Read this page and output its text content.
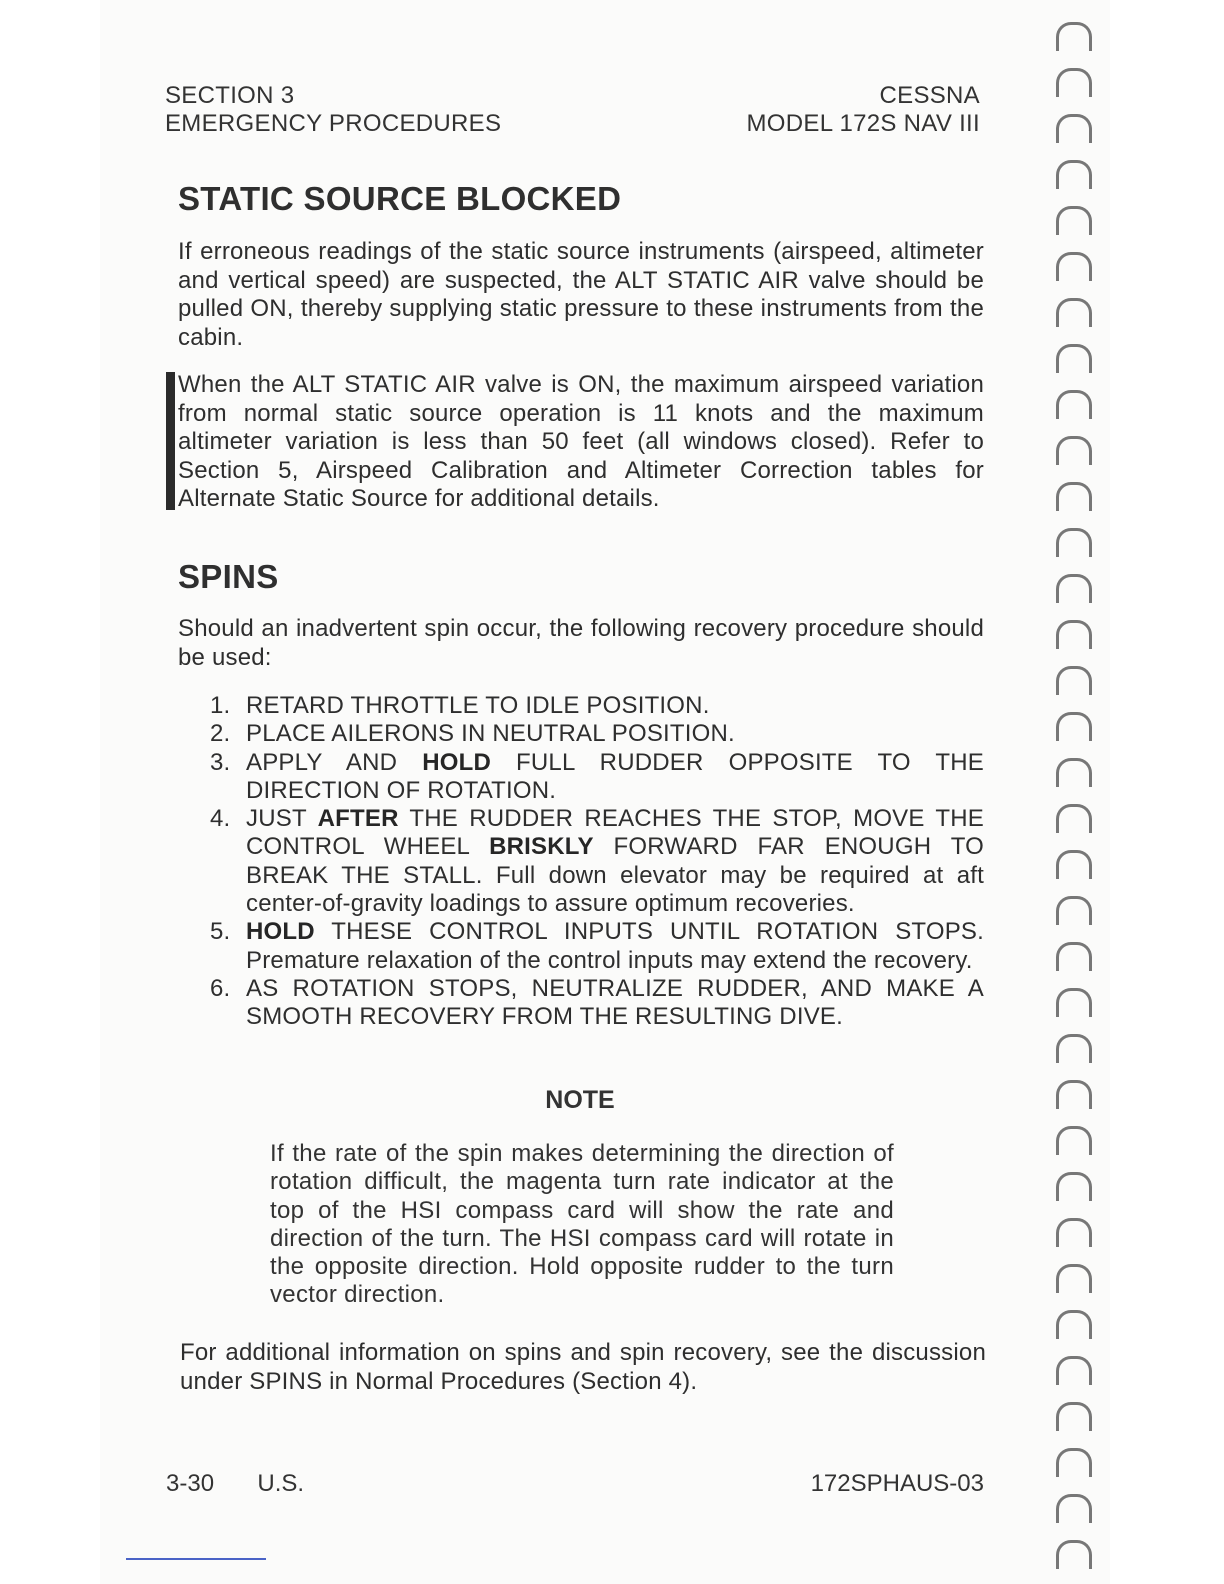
SECTION 3
EMERGENCY PROCEDURES
CESSNA
MODEL 172S NAV III
STATIC SOURCE BLOCKED

If erroneous readings of the static source instruments (airspeed, altimeter and vertical speed) are suspected, the ALT STATIC AIR valve should be pulled ON, thereby supplying static pressure to these instruments from the cabin.

When the ALT STATIC AIR valve is ON, the maximum airspeed variation from normal static source operation is 11 knots and the maximum altimeter variation is less than 50 feet (all windows closed). Refer to Section 5, Airspeed Calibration and Altimeter Correction tables for Alternate Static Source for additional details.

SPINS

Should an inadvertent spin occur, the following recovery procedure should be used:

1. RETARD THROTTLE TO IDLE POSITION.
2. PLACE AILERONS IN NEUTRAL POSITION.
3. APPLY AND HOLD FULL RUDDER OPPOSITE TO THE DIRECTION OF ROTATION.
4. JUST AFTER THE RUDDER REACHES THE STOP, MOVE THE CONTROL WHEEL BRISKLY FORWARD FAR ENOUGH TO BREAK THE STALL. Full down elevator may be required at aft center-of-gravity loadings to assure optimum recoveries.
5. HOLD THESE CONTROL INPUTS UNTIL ROTATION STOPS. Premature relaxation of the control inputs may extend the recovery.
6. AS ROTATION STOPS, NEUTRALIZE RUDDER, AND MAKE A SMOOTH RECOVERY FROM THE RESULTING DIVE.
NOTE
If the rate of the spin makes determining the direction of rotation difficult, the magenta turn rate indicator at the top of the HSI compass card will show the rate and direction of the turn. The HSI compass card will rotate in the opposite direction. Hold opposite rudder to the turn vector direction.

For additional information on spins and spin recovery, see the discussion under SPINS in Normal Procedures (Section 4).

3-30 U.S.	172SPHAUS-03
